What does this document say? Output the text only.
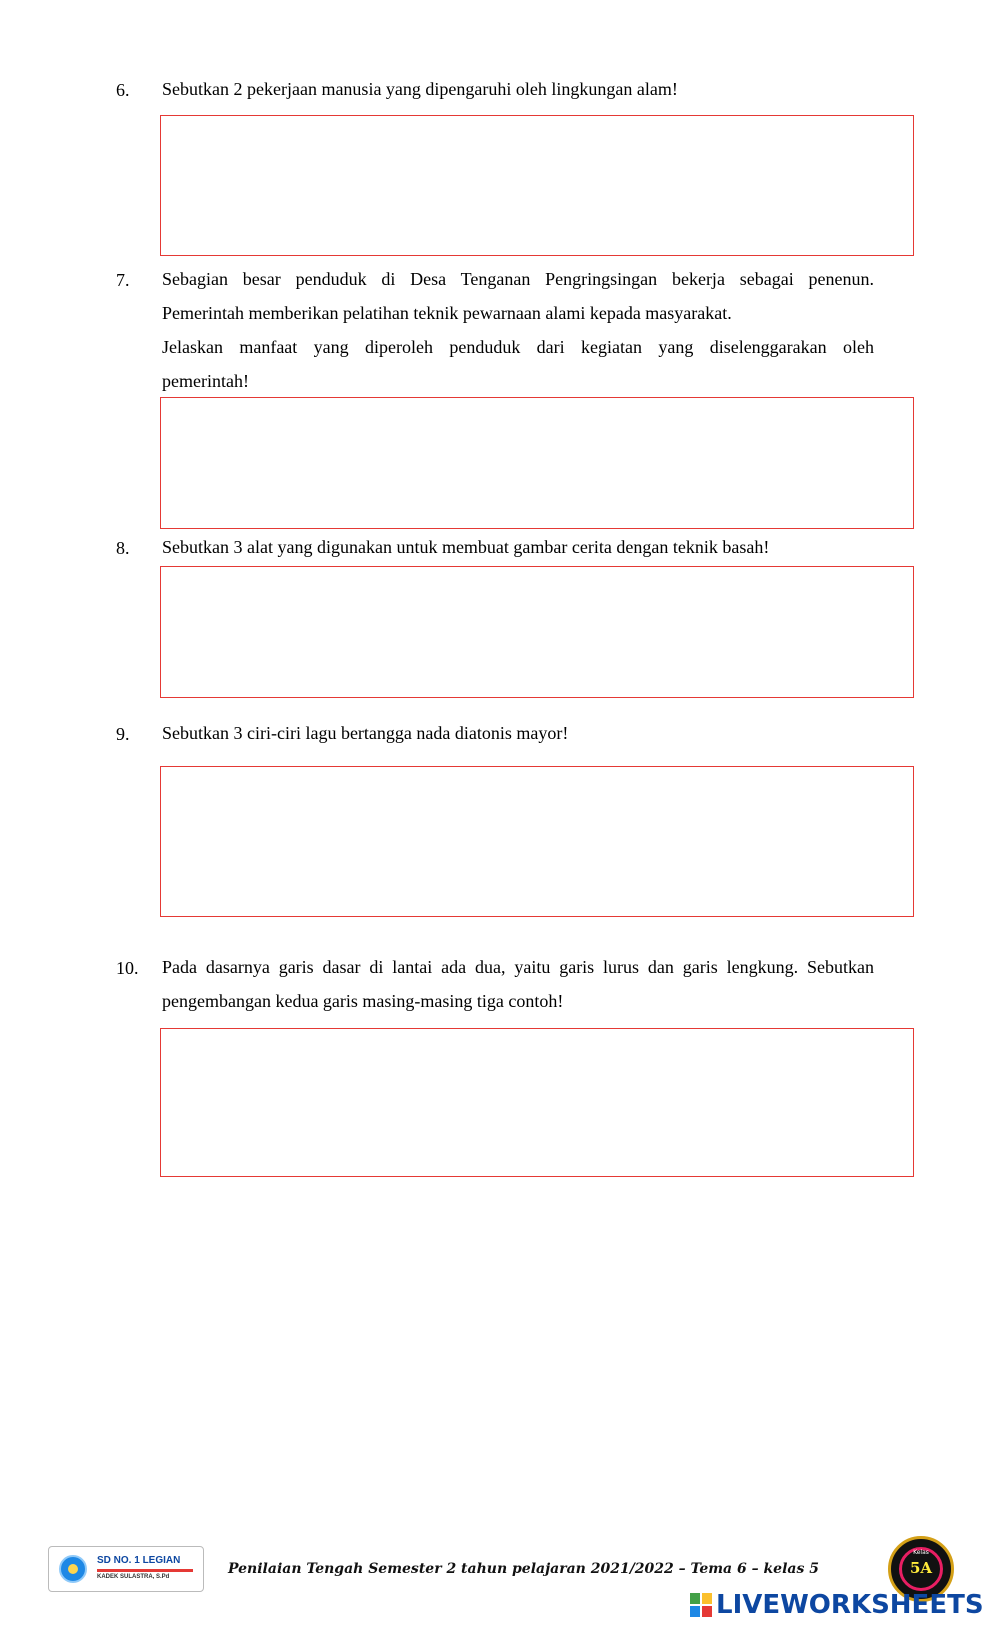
6. Sebutkan 2 pekerjaan manusia yang dipengaruhi oleh lingkungan alam!
7. Sebagian besar penduduk di Desa Tenganan Pengringsingan bekerja sebagai penenun.
Pemerintah memberikan pelatihan teknik pewarnaan alami kepada masyarakat.
Jelaskan manfaat yang diperoleh penduduk dari kegiatan yang diselenggarakan oleh
pemerintah!
8. Sebutkan 3 alat yang digunakan untuk membuat gambar cerita dengan teknik basah!
9. Sebutkan 3 ciri-ciri lagu bertangga nada diatonis mayor!
10. Pada dasarnya garis dasar di lantai ada dua, yaitu garis lurus dan garis lengkung. Sebutkan
pengembangan kedua garis masing-masing tiga contoh!
SD NO. 1 LEGIAN
KADEK SULASTRA, S.Pd	Penilaian Tengah Semester 2 tahun pelajaran 2021/2022 – Tema 6 – kelas 5
Kelas
5A
LIVEWORKSHEETS
